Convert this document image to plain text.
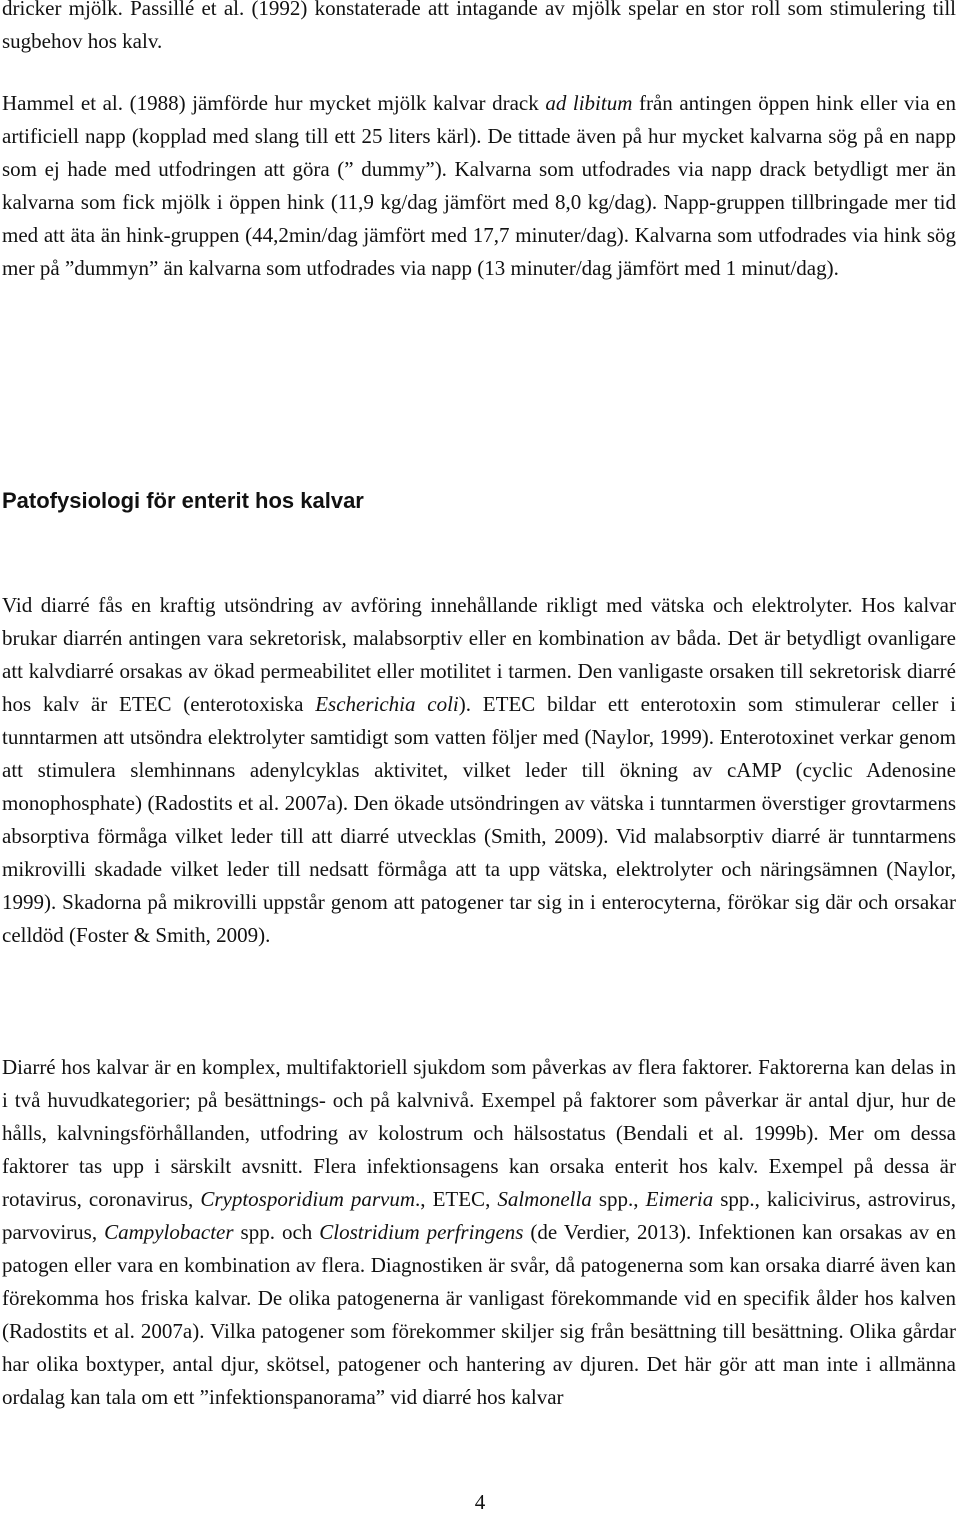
dricker mjölk. Passillé et al. (1992) konstaterade att intagande av mjölk spelar en stor roll som stimulering till sugbehov hos kalv.

Hammel et al. (1988) jämförde hur mycket mjölk kalvar drack ad libitum från antingen öppen hink eller via en artificiell napp (kopplad med slang till ett 25 liters kärl). De tittade även på hur mycket kalvarna sög på en napp som ej hade med utfodringen att göra (” dummy”). Kalvarna som utfodrades via napp drack betydligt mer än kalvarna som fick mjölk i öppen hink (11,9 kg/dag jämfört med 8,0 kg/dag). Napp-gruppen tillbringade mer tid med att äta än hink-gruppen (44,2min/dag jämfört med 17,7 minuter/dag). Kalvarna som utfodrades via hink sög mer på ”dummyn” än kalvarna som utfodrades via napp (13 minuter/dag jämfört med 1 minut/dag).

Patofysiologi för enterit hos kalvar

Vid diarré fås en kraftig utsöndring av avföring innehållande rikligt med vätska och elektrolyter. Hos kalvar brukar diarrén antingen vara sekretorisk, malabsorptiv eller en kombination av båda. Det är betydligt ovanligare att kalvdiarré orsakas av ökad permeabilitet eller motilitet i tarmen. Den vanligaste orsaken till sekretorisk diarré hos kalv är ETEC (enterotoxiska Escherichia coli). ETEC bildar ett enterotoxin som stimulerar celler i tunntarmen att utsöndra elektrolyter samtidigt som vatten följer med (Naylor, 1999). Enterotoxinet verkar genom att stimulera slemhinnans adenylcyklas aktivitet, vilket leder till ökning av cAMP (cyclic Adenosine monophosphate) (Radostits et al. 2007a). Den ökade utsöndringen av vätska i tunntarmen överstiger grovtarmens absorptiva förmåga vilket leder till att diarré utvecklas (Smith, 2009). Vid malabsorptiv diarré är tunntarmens mikrovilli skadade vilket leder till nedsatt förmåga att ta upp vätska, elektrolyter och näringsämnen (Naylor, 1999). Skadorna på mikrovilli uppstår genom att patogener tar sig in i enterocyterna, förökar sig där och orsakar celldöd (Foster & Smith, 2009).

Diarré hos kalvar är en komplex, multifaktoriell sjukdom som påverkas av flera faktorer. Faktorerna kan delas in i två huvudkategorier; på besättnings- och på kalvnivå. Exempel på faktorer som påverkar är antal djur, hur de hålls, kalvningsförhållanden, utfodring av kolostrum och hälsostatus (Bendali et al. 1999b). Mer om dessa faktorer tas upp i särskilt avsnitt. Flera infektionsagens kan orsaka enterit hos kalv. Exempel på dessa är rotavirus, coronavirus, Cryptosporidium parvum., ETEC, Salmonella spp., Eimeria spp., kalicivirus, astrovirus, parvovirus, Campylobacter spp. och Clostridium perfringens (de Verdier, 2013). Infektionen kan orsakas av en patogen eller vara en kombination av flera. Diagnostiken är svår, då patogenerna som kan orsaka diarré även kan förekomma hos friska kalvar. De olika patogenerna är vanligast förekommande vid en specifik ålder hos kalven (Radostits et al. 2007a). Vilka patogener som förekommer skiljer sig från besättning till besättning. Olika gårdar har olika boxtyper, antal djur, skötsel, patogener och hantering av djuren. Det här gör att man inte i allmänna ordalag kan tala om ett ”infektionspanorama” vid diarré hos kalvar

4
